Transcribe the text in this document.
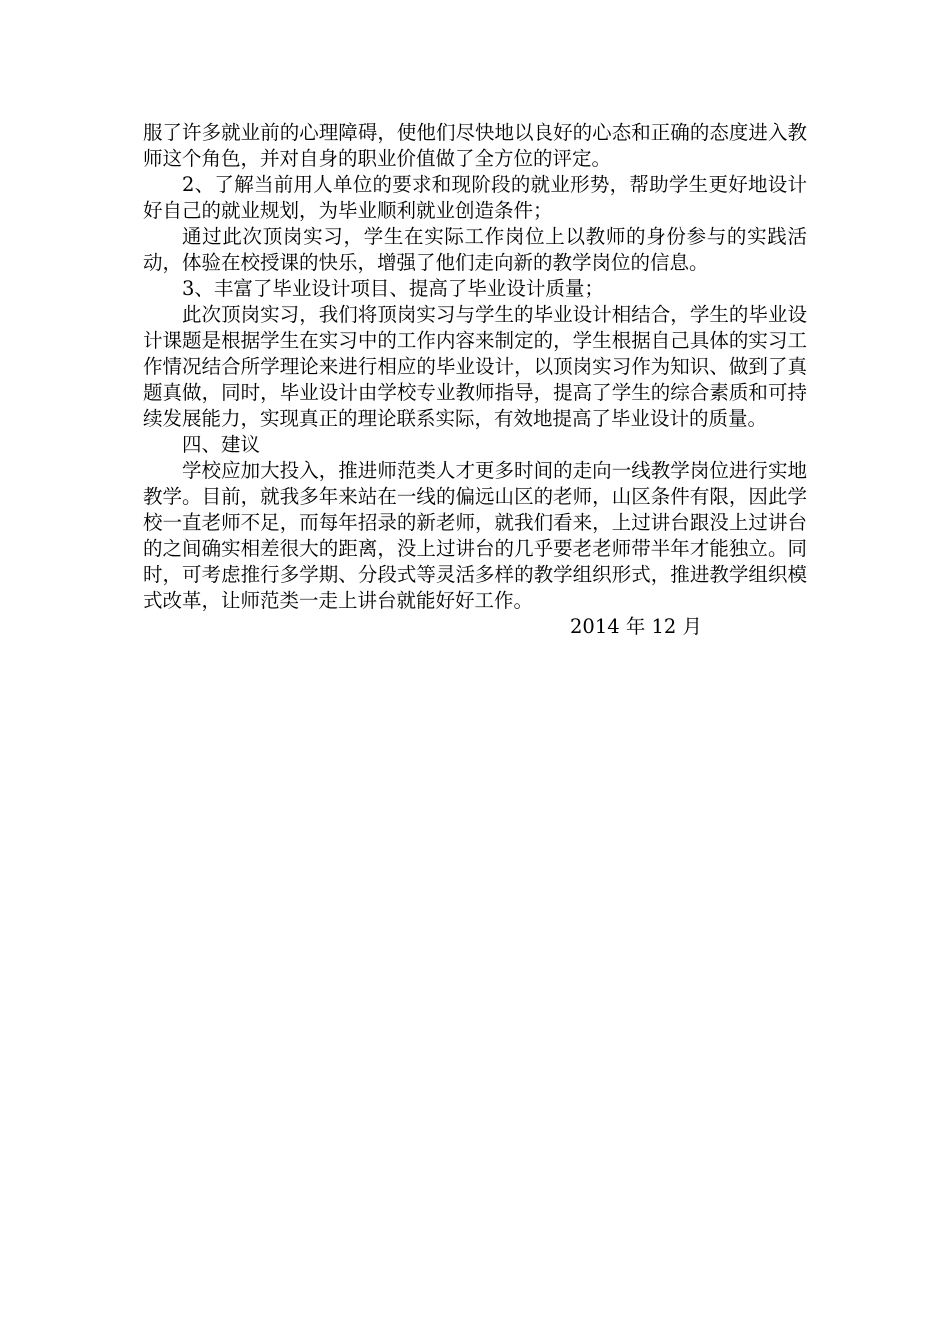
服了许多就业前的心理障碍，使他们尽快地以良好的心态和正确的态度进入教师这个角色，并对自身的职业价值做了全方位的评定。

2、了解当前用人单位的要求和现阶段的就业形势，帮助学生更好地设计好自己的就业规划，为毕业顺利就业创造条件；

通过此次顶岗实习，学生在实际工作岗位上以教师的身份参与的实践活动，体验在校授课的快乐，增强了他们走向新的教学岗位的信息。

3、丰富了毕业设计项目、提高了毕业设计质量；

此次顶岗实习，我们将顶岗实习与学生的毕业设计相结合，学生的毕业设计课题是根据学生在实习中的工作内容来制定的，学生根据自己具体的实习工作情况结合所学理论来进行相应的毕业设计，以顶岗实习作为知识、做到了真题真做，同时，毕业设计由学校专业教师指导，提高了学生的综合素质和可持续发展能力，实现真正的理论联系实际，有效地提高了毕业设计的质量。

四、建议

学校应加大投入，推进师范类人才更多时间的走向一线教学岗位进行实地教学。目前，就我多年来站在一线的偏远山区的老师，山区条件有限，因此学校一直老师不足，而每年招录的新老师，就我们看来，上过讲台跟没上过讲台的之间确实相差很大的距离，没上过讲台的几乎要老老师带半年才能独立。同时，可考虑推行多学期、分段式等灵活多样的教学组织形式，推进教学组织模式改革，让师范类一走上讲台就能好好工作。

2014 年 12 月
